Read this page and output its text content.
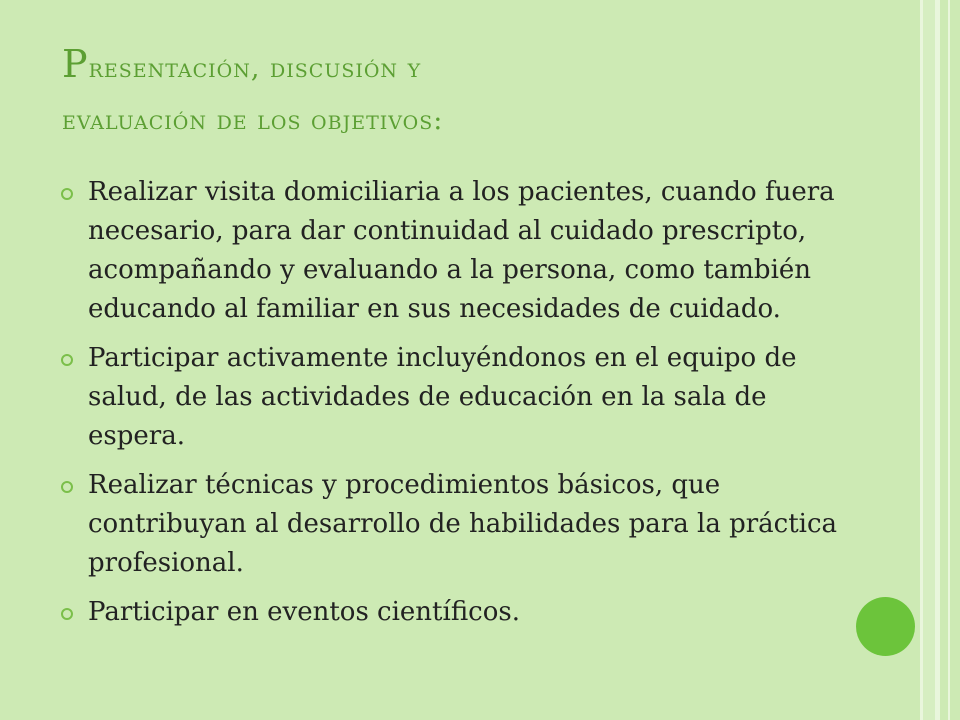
Presentación, discusión y
evaluación de los objetivos:
Realizar visita domiciliaria a los pacientes, cuando fuera necesario, para dar continuidad al cuidado prescripto, acompañando y evaluando a la persona, como también educando al familiar en sus necesidades de cuidado.
Participar activamente incluyéndonos en el equipo de salud, de las actividades de educación en la sala de espera.
Realizar técnicas y procedimientos básicos, que contribuyan al desarrollo de habilidades para la práctica profesional.
Participar en eventos científicos.
